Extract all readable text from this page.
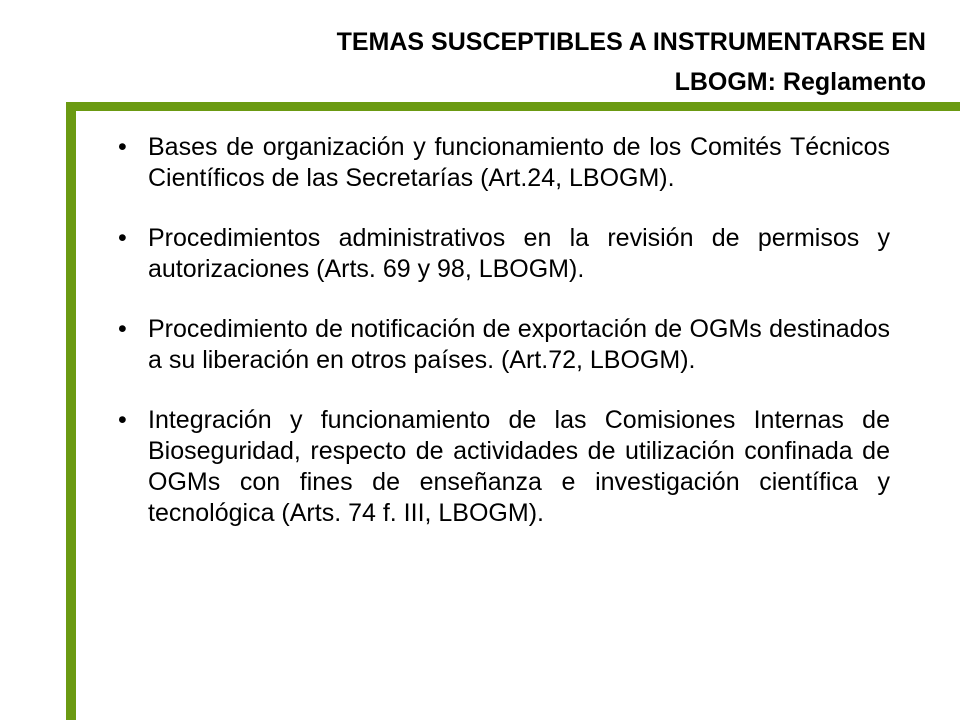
TEMAS SUSCEPTIBLES A INSTRUMENTARSE EN
LBOGM: Reglamento
• Bases de organización y funcionamiento de los Comités Técnicos Científicos de las Secretarías (Art.24, LBOGM).
• Procedimientos administrativos en la revisión de permisos y autorizaciones (Arts. 69 y 98, LBOGM).
• Procedimiento de notificación de exportación de OGMs destinados a su liberación en otros países. (Art.72, LBOGM).
• Integración y funcionamiento de las Comisiones Internas de Bioseguridad, respecto de actividades de utilización confinada de OGMs con fines de enseñanza e investigación científica y tecnológica (Arts. 74 f. III, LBOGM).
